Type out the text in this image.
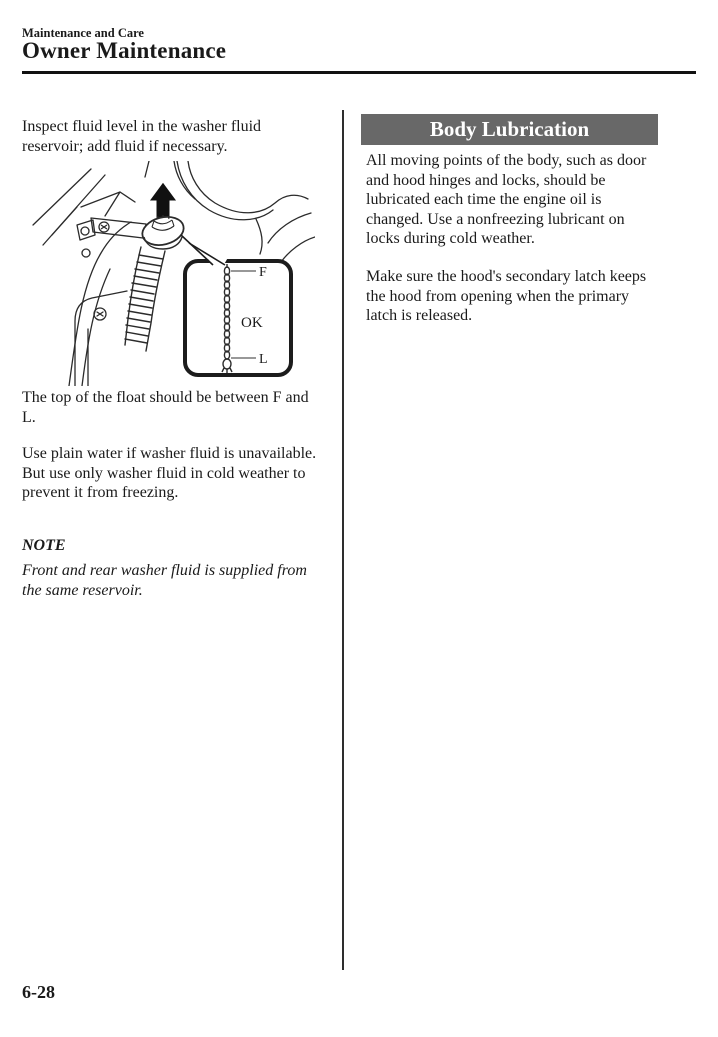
Maintenance and Care
Owner Maintenance

Inspect fluid level in the washer fluid reservoir; add fluid if necessary.

F
OK
L

The top of the float should be between F and L.

Use plain water if washer fluid is unavailable.
But use only washer fluid in cold weather to prevent it from freezing.

NOTE

Front and rear washer fluid is supplied from the same reservoir.

Body Lubrication

All moving points of the body, such as door and hood hinges and locks, should be lubricated each time the engine oil is changed. Use a nonfreezing lubricant on locks during cold weather.

Make sure the hood's secondary latch keeps the hood from opening when the primary latch is released.

6-28
